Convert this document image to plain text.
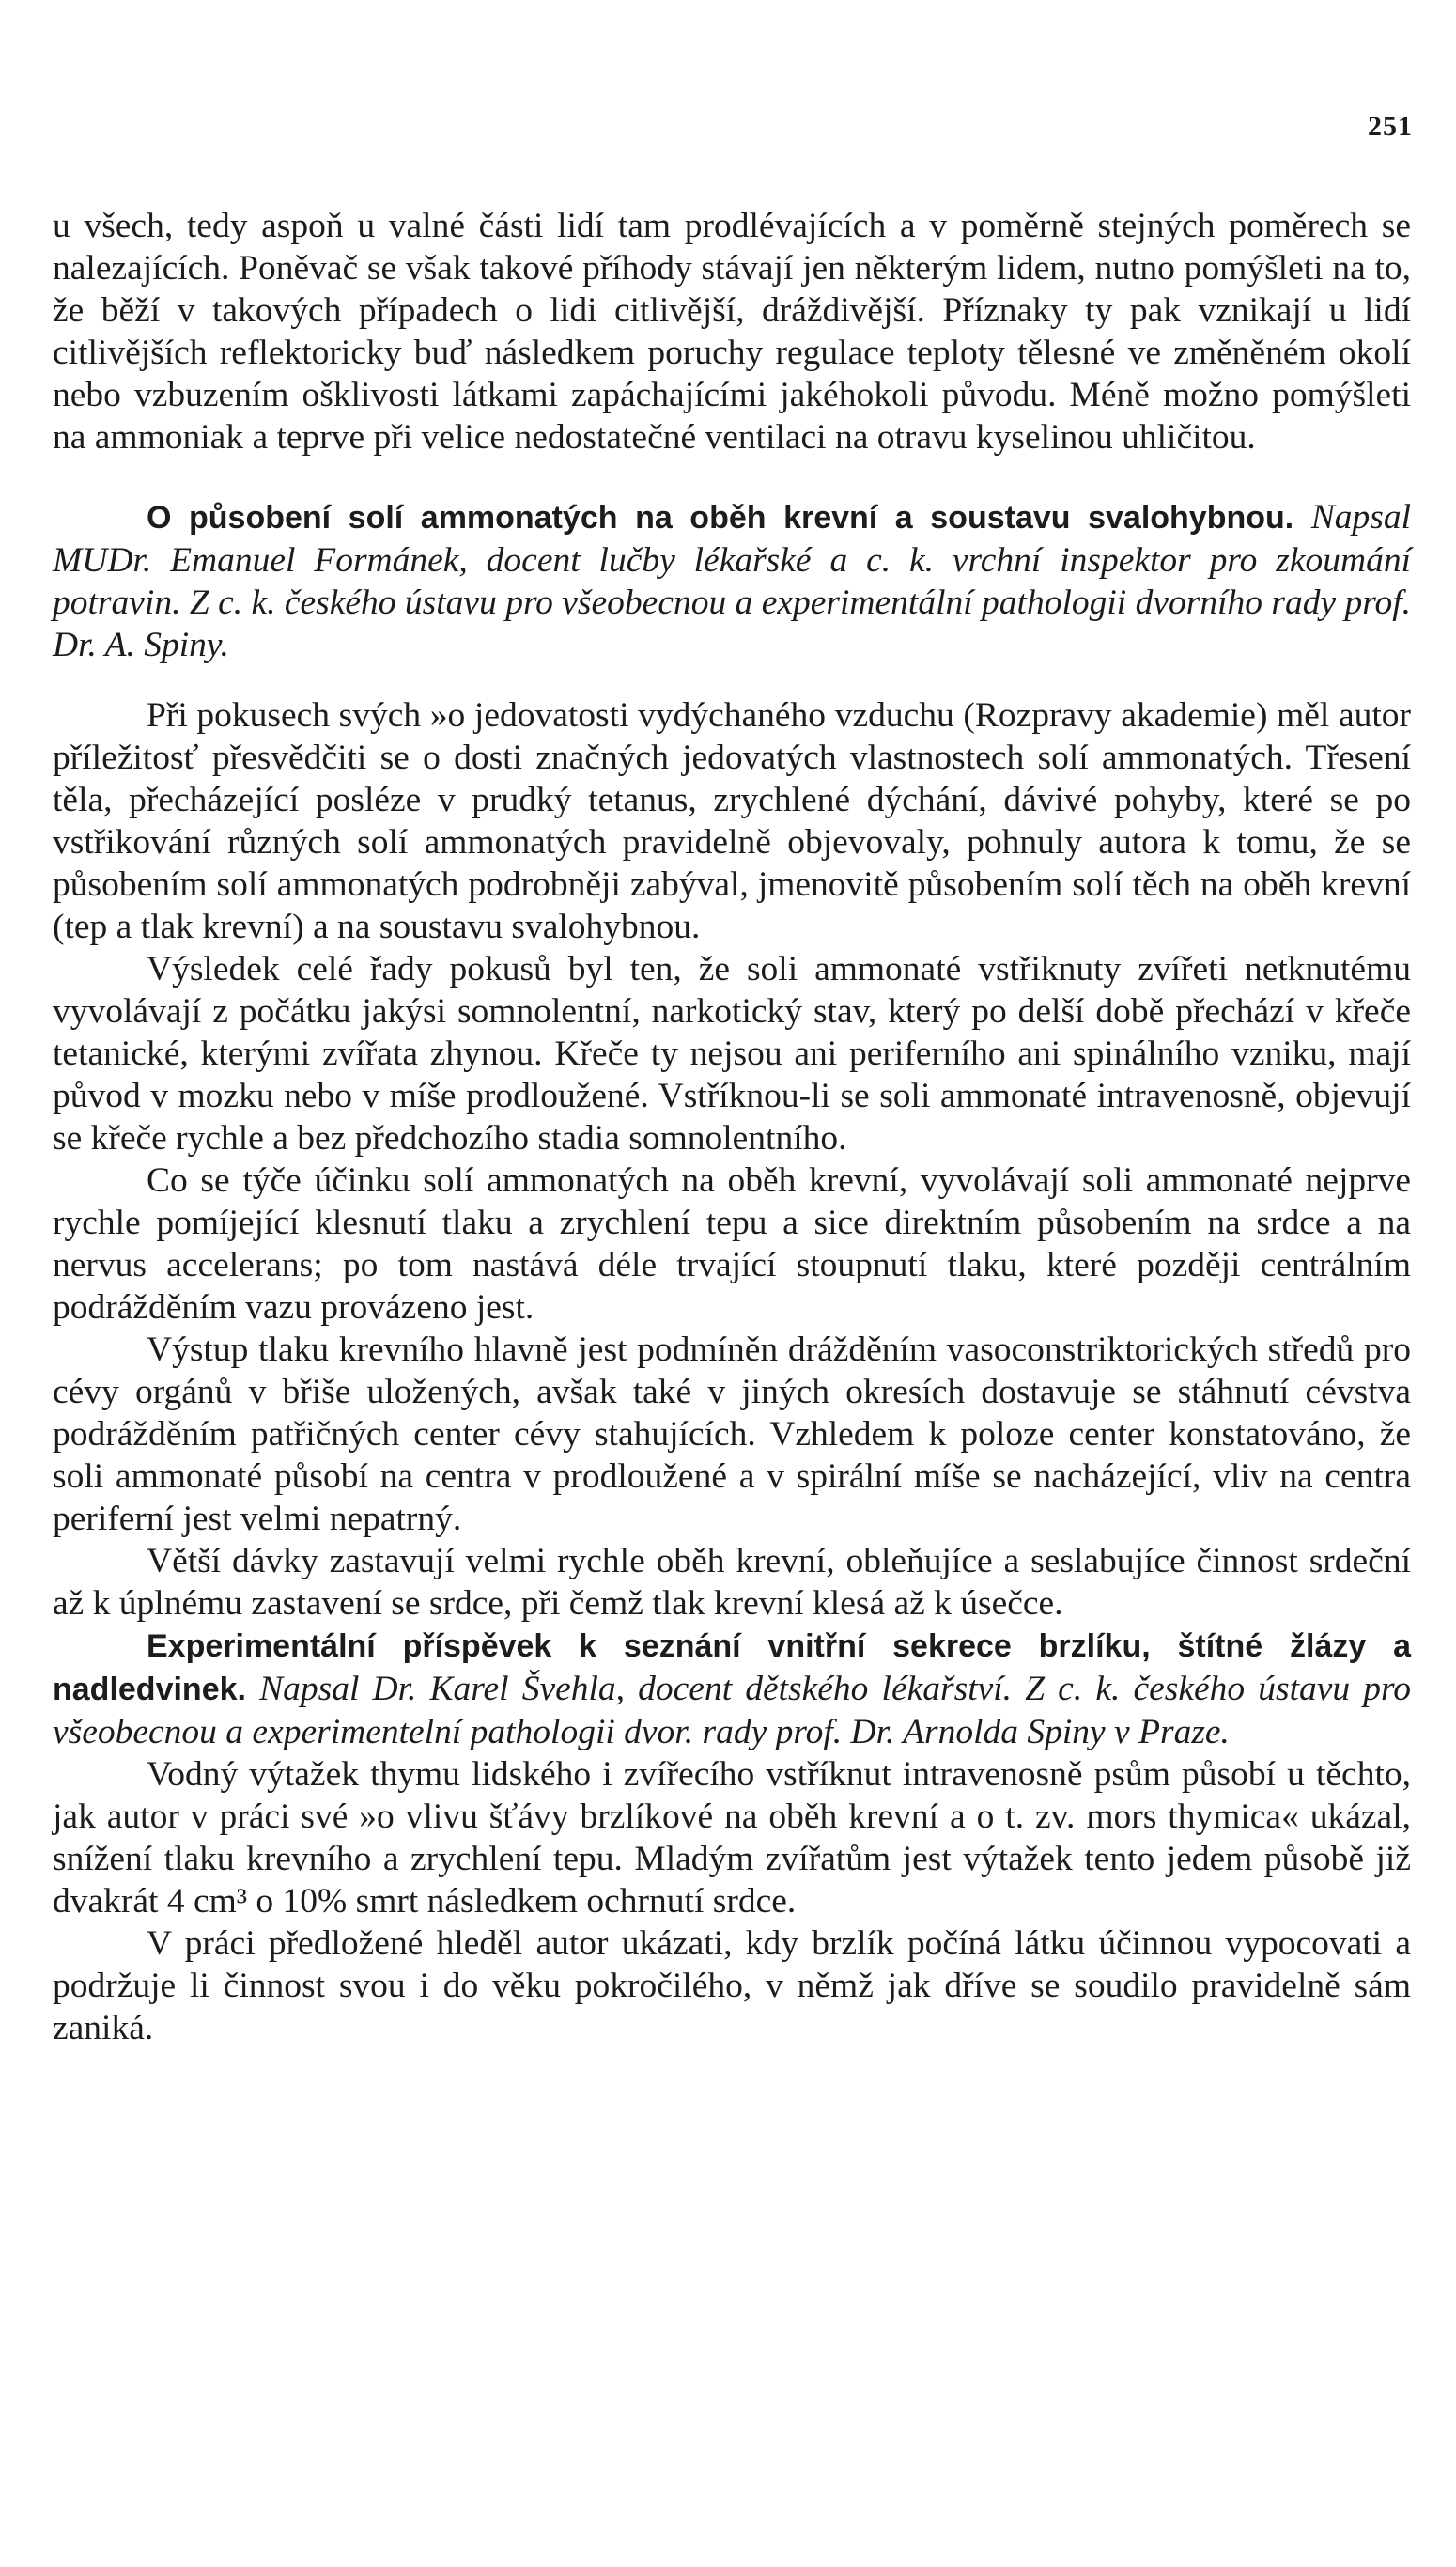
251

u všech, tedy aspoň u valné části lidí tam prodlévajících a v poměrně stejných poměrech se nalezajících. Poněvač se však takové příhody stávají jen některým lidem, nutno pomýšleti na to, že běží v takových případech o lidi citlivější, dráždivější. Příznaky ty pak vznikají u lidí citlivějších reflektoricky buď následkem poruchy regulace teploty tělesné ve změněném okolí nebo vzbuzením ošklivosti látkami zapáchajícími jakéhokoli původu. Méně možno pomýšleti na ammoniak a teprve při velice nedostatečné ventilaci na otravu kyselinou uhličitou.

O působení solí ammonatých na oběh krevní a soustavu svalohybnou. Napsal MUDr. Emanuel Formánek, docent lučby lékařské a c. k. vrchní inspektor pro zkoumání potravin. Z c. k. českého ústavu pro všeobecnou a experimentální pathologii dvorního rady prof. Dr. A. Spiny.

Při pokusech svých »o jedovatosti vydýchaného vzduchu (Rozpravy akademie) měl autor příležitosť přesvědčiti se o dosti značných jedovatých vlastnostech solí ammonatých. Třesení těla, přecházející posléze v prudký tetanus, zrychlené dýchání, dávivé pohyby, které se po vstřikování různých solí ammonatých pravidelně objevovaly, pohnuly autora k tomu, že se působením solí ammonatých podrobněji zabýval, jmenovitě působením solí těch na oběh krevní (tep a tlak krevní) a na soustavu svalohybnou.

Výsledek celé řady pokusů byl ten, že soli ammonaté vstřiknuty zvířeti netknutému vyvolávají z počátku jakýsi somnolentní, narkotický stav, který po delší době přechází v křeče tetanické, kterými zvířata zhynou. Křeče ty nejsou ani periferního ani spinálního vzniku, mají původ v mozku nebo v míše prodloužené. Vstříknou-li se soli ammonaté intravenosně, objevují se křeče rychle a bez předchozího stadia somnolentního.

Co se týče účinku solí ammonatých na oběh krevní, vyvolávají soli ammonaté nejprve rychle pomíjející klesnutí tlaku a zrychlení tepu a sice direktním působením na srdce a na nervus accelerans; po tom nastává déle trvající stoupnutí tlaku, které později centrálním podrážděním vazu provázeno jest.

Výstup tlaku krevního hlavně jest podmíněn drážděním vasoconstriktorických středů pro cévy orgánů v břiše uložených, avšak také v jiných okresích dostavuje se stáhnutí cévstva podrážděním patřičných center cévy stahujících. Vzhledem k poloze center konstatováno, že soli ammonaté působí na centra v prodloužené a v spirální míše se nacházející, vliv na centra periferní jest velmi nepatrný.

Větší dávky zastavují velmi rychle oběh krevní, obleňujíce a seslabujíce činnost srdeční až k úplnému zastavení se srdce, při čemž tlak krevní klesá až k úsečce.

Experimentální příspěvek k seznání vnitřní sekrece brzlíku, štítné žlázy a nadledvinek. Napsal Dr. Karel Švehla, docent dětského lékařství. Z c. k. českého ústavu pro všeobecnou a experimentelní pathologii dvor. rady prof. Dr. Arnolda Spiny v Praze.

Vodný výtažek thymu lidského i zvířecího vstříknut intravenosně psům působí u těchto, jak autor v práci své »o vlivu šťávy brzlíkové na oběh krevní a o t. zv. mors thymica« ukázal, snížení tlaku krevního a zrychlení tepu. Mladým zvířatům jest výtažek tento jedem působě již dvakrát 4 cm³ o 10% smrt následkem ochrnutí srdce.

V práci předložené hleděl autor ukázati, kdy brzlík počíná látku účinnou vypocovati a podržuje li činnost svou i do věku pokročilého, v němž jak dříve se soudilo pravidelně sám zaniká.
